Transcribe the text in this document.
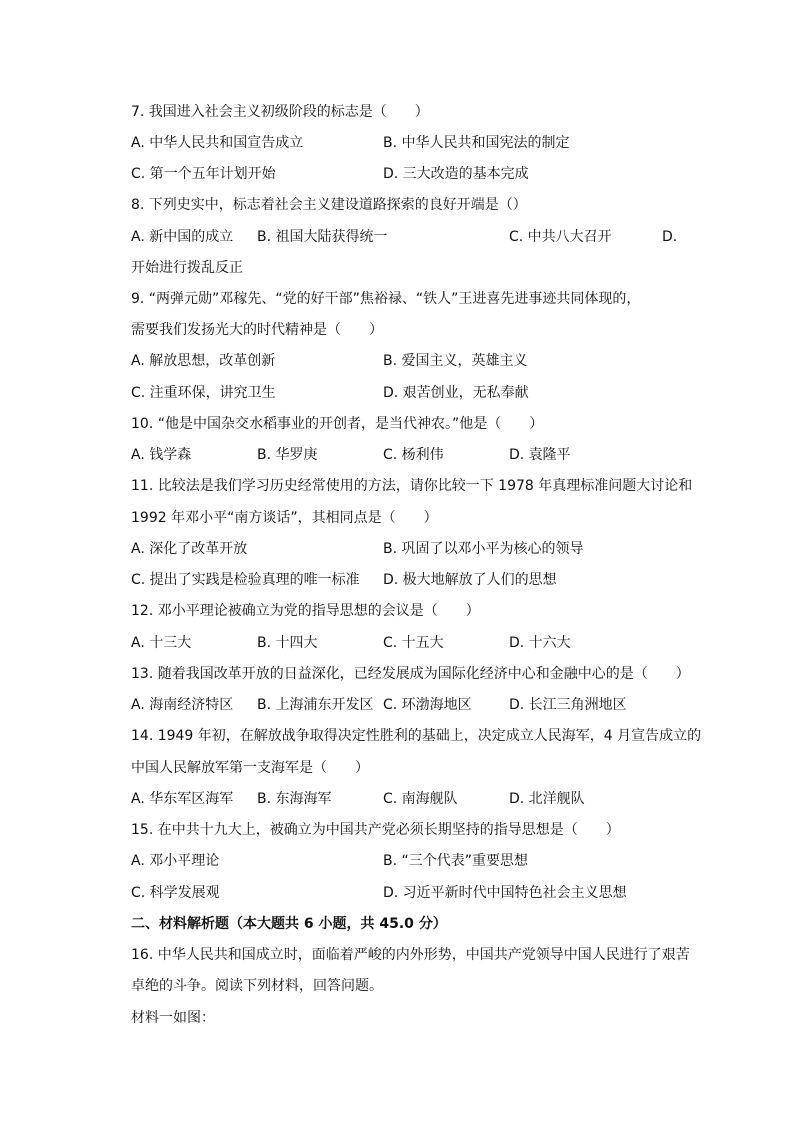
7. 我国进入社会主义初级阶段的标志是（　　）
A. 中华人民共和国宣告成立	B. 中华人民共和国宪法的制定
C. 第一个五年计划开始	D. 三大改造的基本完成
8. 下列史实中，标志着社会主义建设道路探索的良好开端是（）
A. 新中国的成立 B. 祖国大陆获得统一	C. 中共八大召开	D.
开始进行拨乱反正
9. “两弹元勋”邓稼先、“党的好干部”焦裕禄、“铁人”王进喜先进事迹共同体现的，
需要我们发扬光大的时代精神是（　　）
A. 解放思想，改革创新	B. 爱国主义，英雄主义
C. 注重环保，讲究卫生	D. 艰苦创业，无私奉献
10. “他是中国杂交水稻事业的开创者，是当代神农。”他是（　　）
A. 钱学森	B. 华罗庚	C. 杨利伟	D. 袁隆平
11. 比较法是我们学习历史经常使用的方法，请你比较一下 1978 年真理标准问题大讨论和
1992 年邓小平“南方谈话”，其相同点是（　　）
A. 深化了改革开放	B. 巩固了以邓小平为核心的领导
C. 提出了实践是检验真理的唯一标准 D. 极大地解放了人们的思想
12. 邓小平理论被确立为党的指导思想的会议是（　　）
A. 十三大	B. 十四大	C. 十五大	D. 十六大
13. 随着我国改革开放的日益深化，已经发展成为国际化经济中心和金融中心的是（　　）
A. 海南经济特区 B. 上海浦东开发区 C. 环渤海地区	D. 长江三角洲地区
14. 1949 年初，在解放战争取得决定性胜利的基础上，决定成立人民海军，4 月宣告成立的
中国人民解放军第一支海军是（　　）
A. 华东军区海军 B. 东海海军	C. 南海舰队	D. 北洋舰队
15. 在中共十九大上，被确立为中国共产党必须长期坚持的指导思想是（　　）
A. 邓小平理论	B. “三个代表”重要思想
C. 科学发展观	D. 习近平新时代中国特色社会主义思想
二、材料解析题（本大题共 6 小题，共 45.0 分）
16. 中华人民共和国成立时，面临着严峻的内外形势，中国共产党领导中国人民进行了艰苦
卓绝的斗争。阅读下列材料，回答问题。
材料一如图：
